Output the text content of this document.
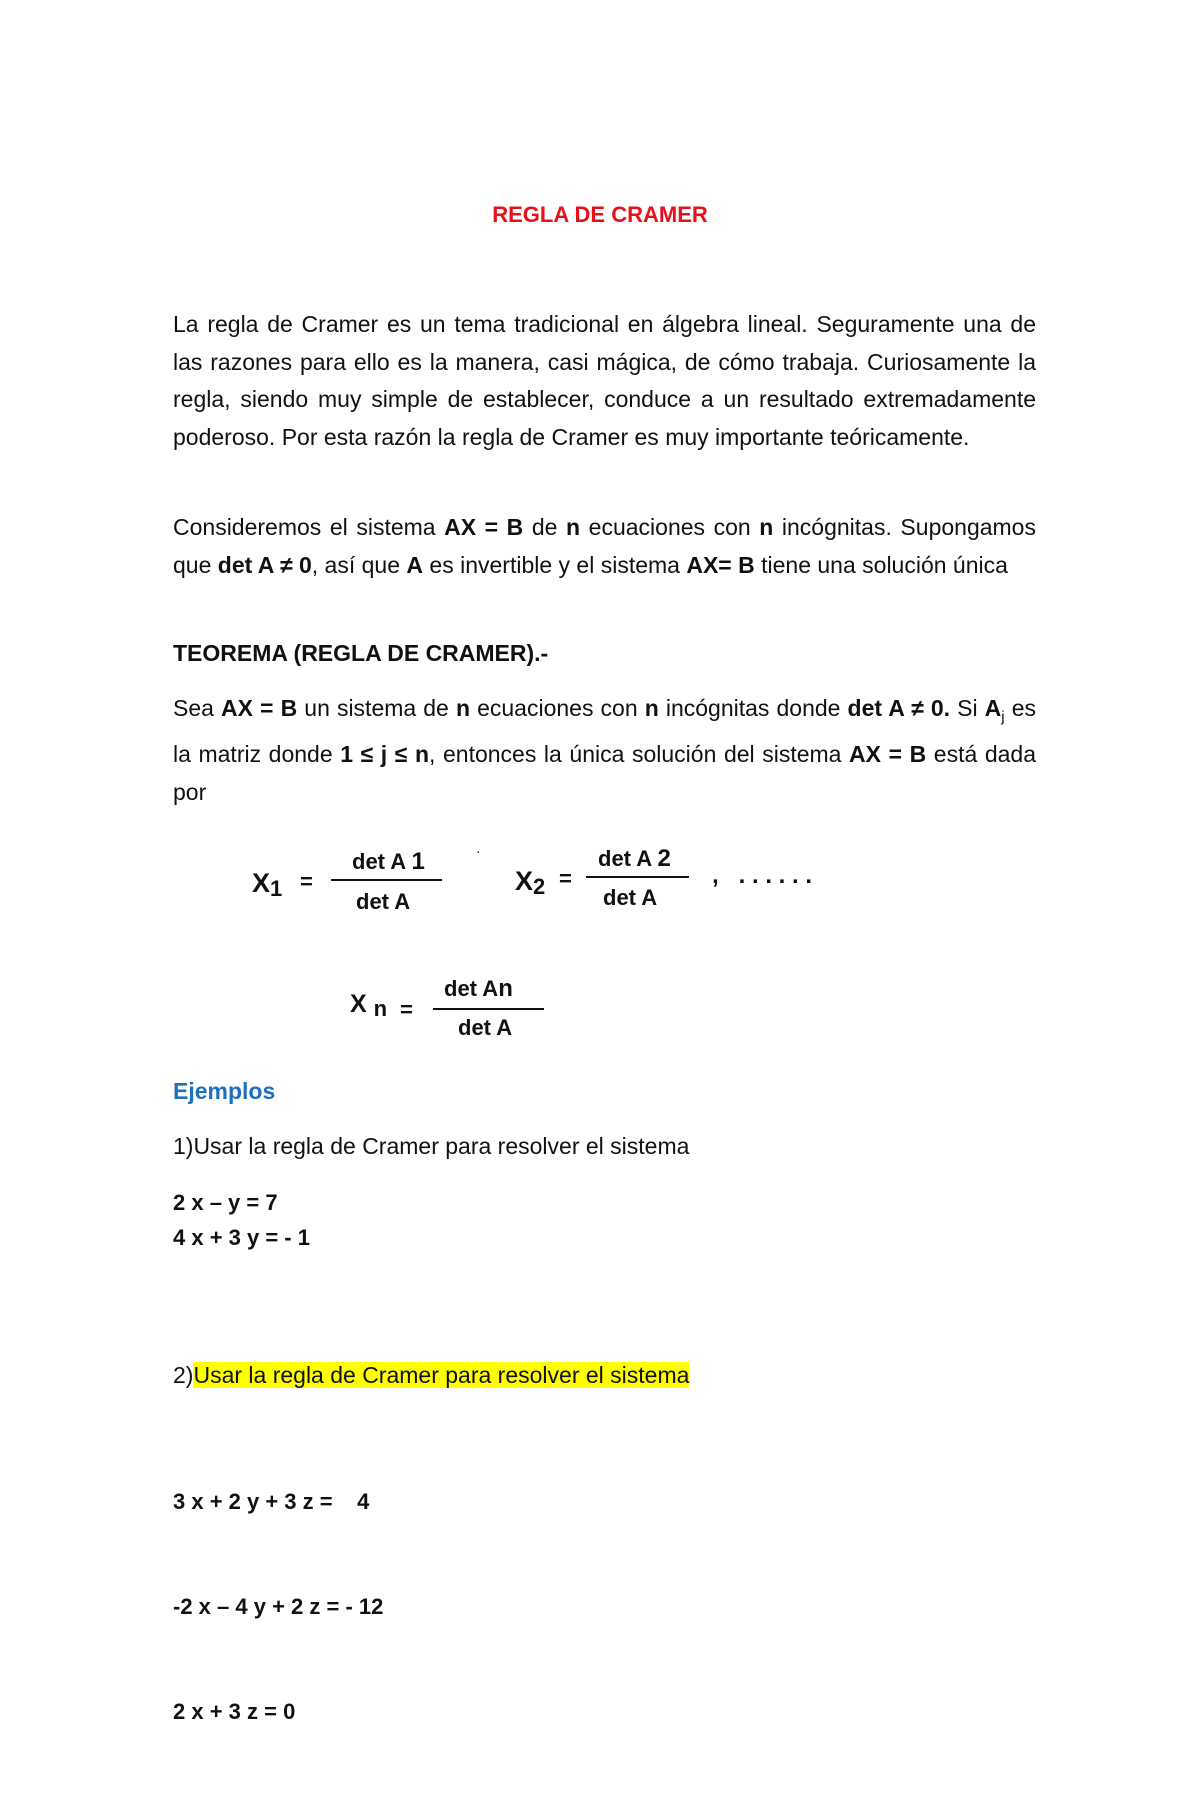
REGLA DE CRAMER
La regla de Cramer es un tema tradicional en álgebra lineal. Seguramente una de las razones para ello es la manera, casi mágica, de cómo trabaja. Curiosamente la regla, siendo muy simple de establecer, conduce a un resultado extremadamente poderoso. Por esta razón la regla de Cramer es muy importante teóricamente.
Consideremos el sistema AX = B de n ecuaciones con n incógnitas. Supongamos que det A ≠ 0, así que A es invertible y el sistema AX= B tiene una solución única
TEOREMA (REGLA DE CRAMER).-
Sea AX = B un sistema de n ecuaciones con n incógnitas donde det A ≠ 0. Si $A_j$ es la matriz donde 1 ≤ j ≤ n, entonces la única solución del sistema AX = B está dada por
X1 =
det A 1
det A
·
X2 =
det A 2
det A
,   . . . . . .
X n =
det An
det A
Ejemplos
1)Usar la regla de Cramer para resolver el sistema
2 x – y = 7
4 x + 3 y = - 1
2)Usar la regla de Cramer para resolver el sistema

3 x + 2 y + 3 z =    4

-2 x – 4 y + 2 z = - 12

2 x + 3 z = 0
